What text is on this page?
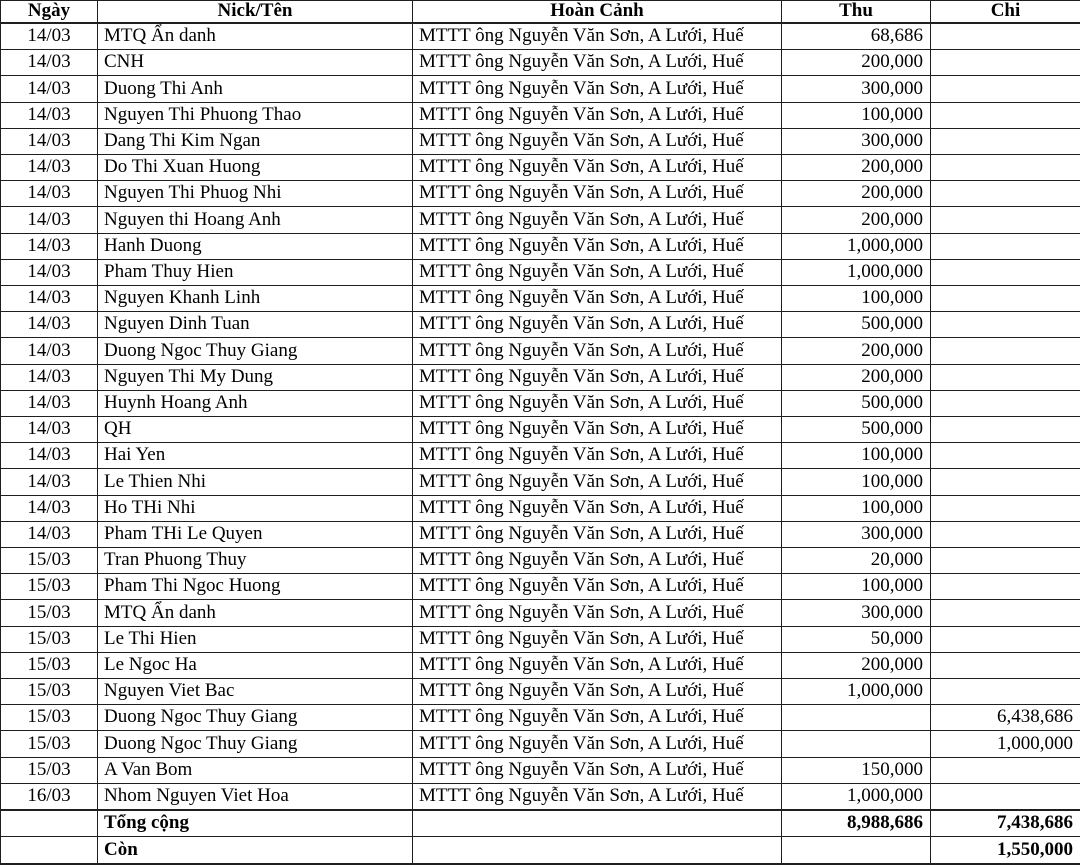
Ngày	Nick/Tên	Hoàn Cảnh	Thu	Chi
14/03	MTQ Ẩn danh	MTTT ông Nguyễn Văn Sơn, A Lưới, Huế	68,686	
14/03	CNH	MTTT ông Nguyễn Văn Sơn, A Lưới, Huế	200,000	
14/03	Duong Thi Anh	MTTT ông Nguyễn Văn Sơn, A Lưới, Huế	300,000	
14/03	Nguyen Thi Phuong Thao	MTTT ông Nguyễn Văn Sơn, A Lưới, Huế	100,000	
14/03	Dang Thi Kim Ngan	MTTT ông Nguyễn Văn Sơn, A Lưới, Huế	300,000	
14/03	Do Thi Xuan Huong	MTTT ông Nguyễn Văn Sơn, A Lưới, Huế	200,000	
14/03	Nguyen Thi Phuog Nhi	MTTT ông Nguyễn Văn Sơn, A Lưới, Huế	200,000	
14/03	Nguyen thi Hoang Anh	MTTT ông Nguyễn Văn Sơn, A Lưới, Huế	200,000	
14/03	Hanh Duong	MTTT ông Nguyễn Văn Sơn, A Lưới, Huế	1,000,000	
14/03	Pham Thuy Hien	MTTT ông Nguyễn Văn Sơn, A Lưới, Huế	1,000,000	
14/03	Nguyen Khanh Linh	MTTT ông Nguyễn Văn Sơn, A Lưới, Huế	100,000	
14/03	Nguyen Dinh Tuan	MTTT ông Nguyễn Văn Sơn, A Lưới, Huế	500,000	
14/03	Duong Ngoc Thuy Giang	MTTT ông Nguyễn Văn Sơn, A Lưới, Huế	200,000	
14/03	Nguyen Thi My Dung	MTTT ông Nguyễn Văn Sơn, A Lưới, Huế	200,000	
14/03	Huynh Hoang Anh	MTTT ông Nguyễn Văn Sơn, A Lưới, Huế	500,000	
14/03	QH	MTTT ông Nguyễn Văn Sơn, A Lưới, Huế	500,000	
14/03	Hai Yen	MTTT ông Nguyễn Văn Sơn, A Lưới, Huế	100,000	
14/03	Le Thien Nhi	MTTT ông Nguyễn Văn Sơn, A Lưới, Huế	100,000	
14/03	Ho THi Nhi	MTTT ông Nguyễn Văn Sơn, A Lưới, Huế	100,000	
14/03	Pham THi Le Quyen	MTTT ông Nguyễn Văn Sơn, A Lưới, Huế	300,000	
15/03	Tran Phuong Thuy	MTTT ông Nguyễn Văn Sơn, A Lưới, Huế	20,000	
15/03	Pham Thi Ngoc Huong	MTTT ông Nguyễn Văn Sơn, A Lưới, Huế	100,000	
15/03	MTQ Ẩn danh	MTTT ông Nguyễn Văn Sơn, A Lưới, Huế	300,000	
15/03	Le Thi Hien	MTTT ông Nguyễn Văn Sơn, A Lưới, Huế	50,000	
15/03	Le Ngoc Ha	MTTT ông Nguyễn Văn Sơn, A Lưới, Huế	200,000	
15/03	Nguyen Viet Bac	MTTT ông Nguyễn Văn Sơn, A Lưới, Huế	1,000,000	
15/03	Duong Ngoc Thuy Giang	MTTT ông Nguyễn Văn Sơn, A Lưới, Huế		6,438,686
15/03	Duong Ngoc Thuy Giang	MTTT ông Nguyễn Văn Sơn, A Lưới, Huế		1,000,000
15/03	A Van Bom	MTTT ông Nguyễn Văn Sơn, A Lưới, Huế	150,000	
16/03	Nhom Nguyen Viet Hoa	MTTT ông Nguyễn Văn Sơn, A Lưới, Huế	1,000,000	
	Tổng cộng		8,988,686	7,438,686
	Còn			1,550,000
